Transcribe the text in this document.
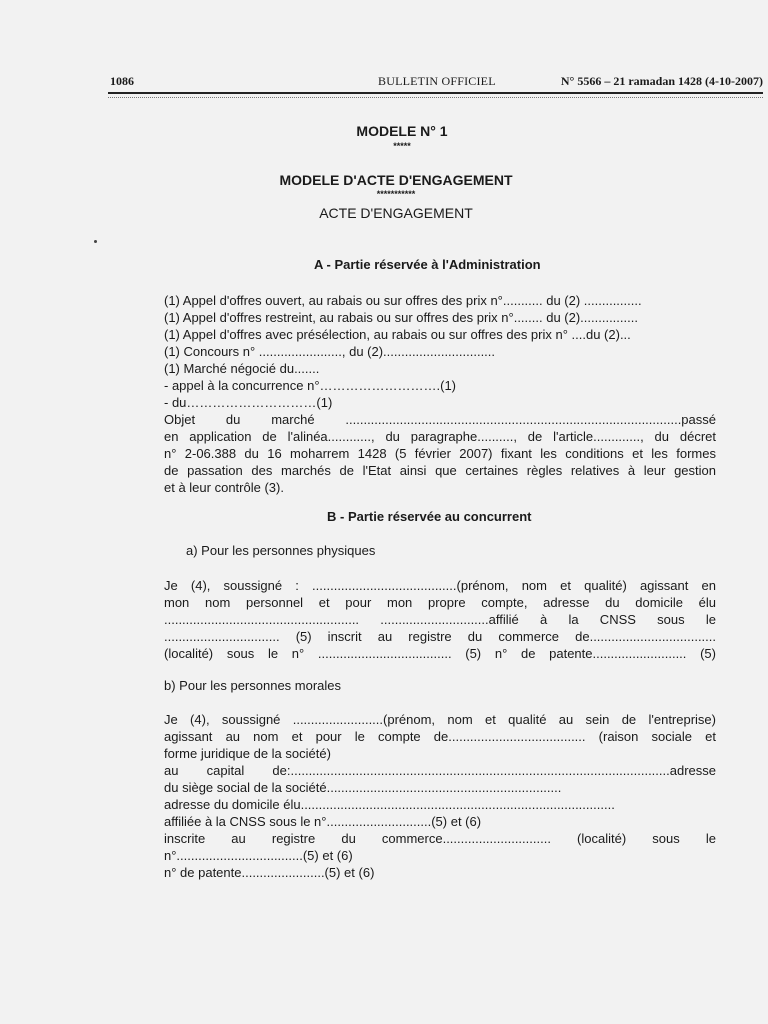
1086	BULLETIN OFFICIEL	N° 5566 – 21 ramadan 1428 (4-10-2007)
MODELE N° 1
*****
MODELE D'ACTE D'ENGAGEMENT
***********
ACTE D'ENGAGEMENT
A - Partie réservée à l'Administration

(1) Appel d'offres ouvert, au rabais ou sur offres des prix n°........... du (2) ................

(1) Appel d'offres restreint, au rabais ou sur offres des prix n°........ du (2)................

(1) Appel d'offres avec présélection, au rabais ou sur offres des prix n° ....du (2)...

(1) Concours n° ......................., du (2)...............................

(1) Marché négocié du.......

- appel à la concurrence n°……………………….(1)

- du…………………………(1)

Objet du marché .............................................................................................passé

en application de l'alinéa............, du paragraphe.........., de l'article............., du décret

n° 2-06.388 du 16 moharrem 1428 (5 février 2007) fixant les conditions et les formes

de passation des marchés de l'Etat ainsi que certaines règles relatives à leur gestion

et à leur contrôle (3).

B - Partie réservée au concurrent
a) Pour les personnes physiques

Je (4), soussigné : ........................................(prénom, nom et qualité) agissant en

mon nom personnel et pour mon propre compte, adresse du domicile élu

...................................................... ..............................affilié à la CNSS sous le

................................ (5) inscrit au registre du commerce de...................................

(localité) sous le n° ..................................... (5) n° de patente.......................... (5)

b) Pour les personnes morales

Je (4), soussigné .........................(prénom, nom et qualité au sein de l'entreprise)

agissant au nom et pour le compte de...................................... (raison sociale et

forme juridique de la société)

au capital de:.........................................................................................................adresse

du siège social de la société.................................................................

adresse du domicile élu.......................................................................................

affiliée à la CNSS sous le n°.............................(5) et (6)

inscrite au registre du commerce.............................. (localité) sous le

n°...................................(5) et (6)

n° de patente.......................(5) et (6)
